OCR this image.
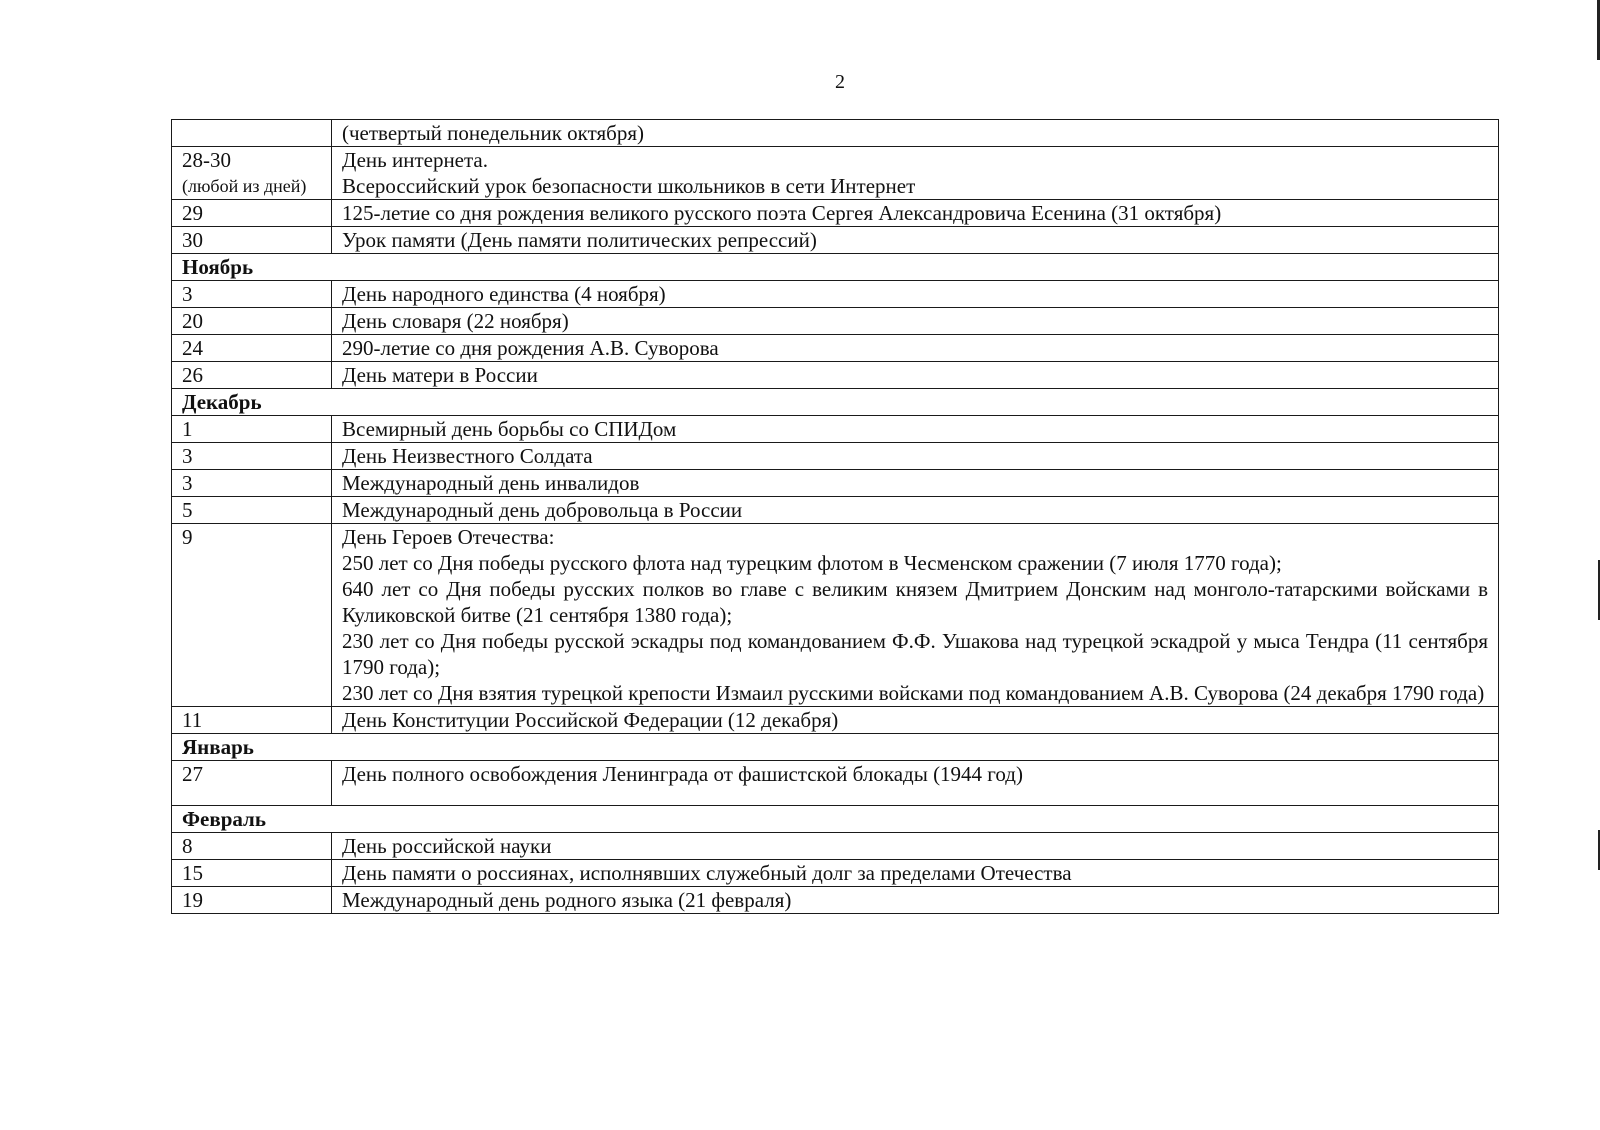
2

	(четвертый понедельник октября)

28-30
(любой из дней)	День интернета.
Всероссийский урок безопасности школьников в сети Интернет

29	125-летие со дня рождения великого русского поэта Сергея Александровича Есенина (31 октября)

30	Урок памяти (День памяти политических репрессий)

Ноябрь	

3	День народного единства (4 ноября)

20	День словаря (22 ноября)

24	290-летие со дня рождения А.В. Суворова

26	День матери в России

Декабрь	

1	Всемирный день борьбы со СПИДом

3	День Неизвестного Солдата

3	Международный день инвалидов

5	Международный день добровольца в России

9	День Героев Отечества:
250 лет со Дня победы русского флота над турецким флотом в Чесменском сражении (7 июля 1770 года);
640 лет со Дня победы русских полков во главе с великим князем Дмитрием Донским над монголо-татарскими войсками в Куликовской битве (21 сентября 1380 года);
230 лет со Дня победы русской эскадры под командованием Ф.Ф. Ушакова над турецкой эскадрой у мыса Тендра (11 сентября 1790 года);
230 лет со Дня взятия турецкой крепости Измаил русскими войсками под командованием А.В. Суворова (24 декабря 1790 года)

11	День Конституции Российской Федерации (12 декабря)

Январь	

27	День полного освобождения Ленинграда от фашистской блокады (1944 год)

Февраль	

8	День российской науки

15	День памяти о россиянах, исполнявших служебный долг за пределами Отечества

19	Международный день родного языка (21 февраля)
